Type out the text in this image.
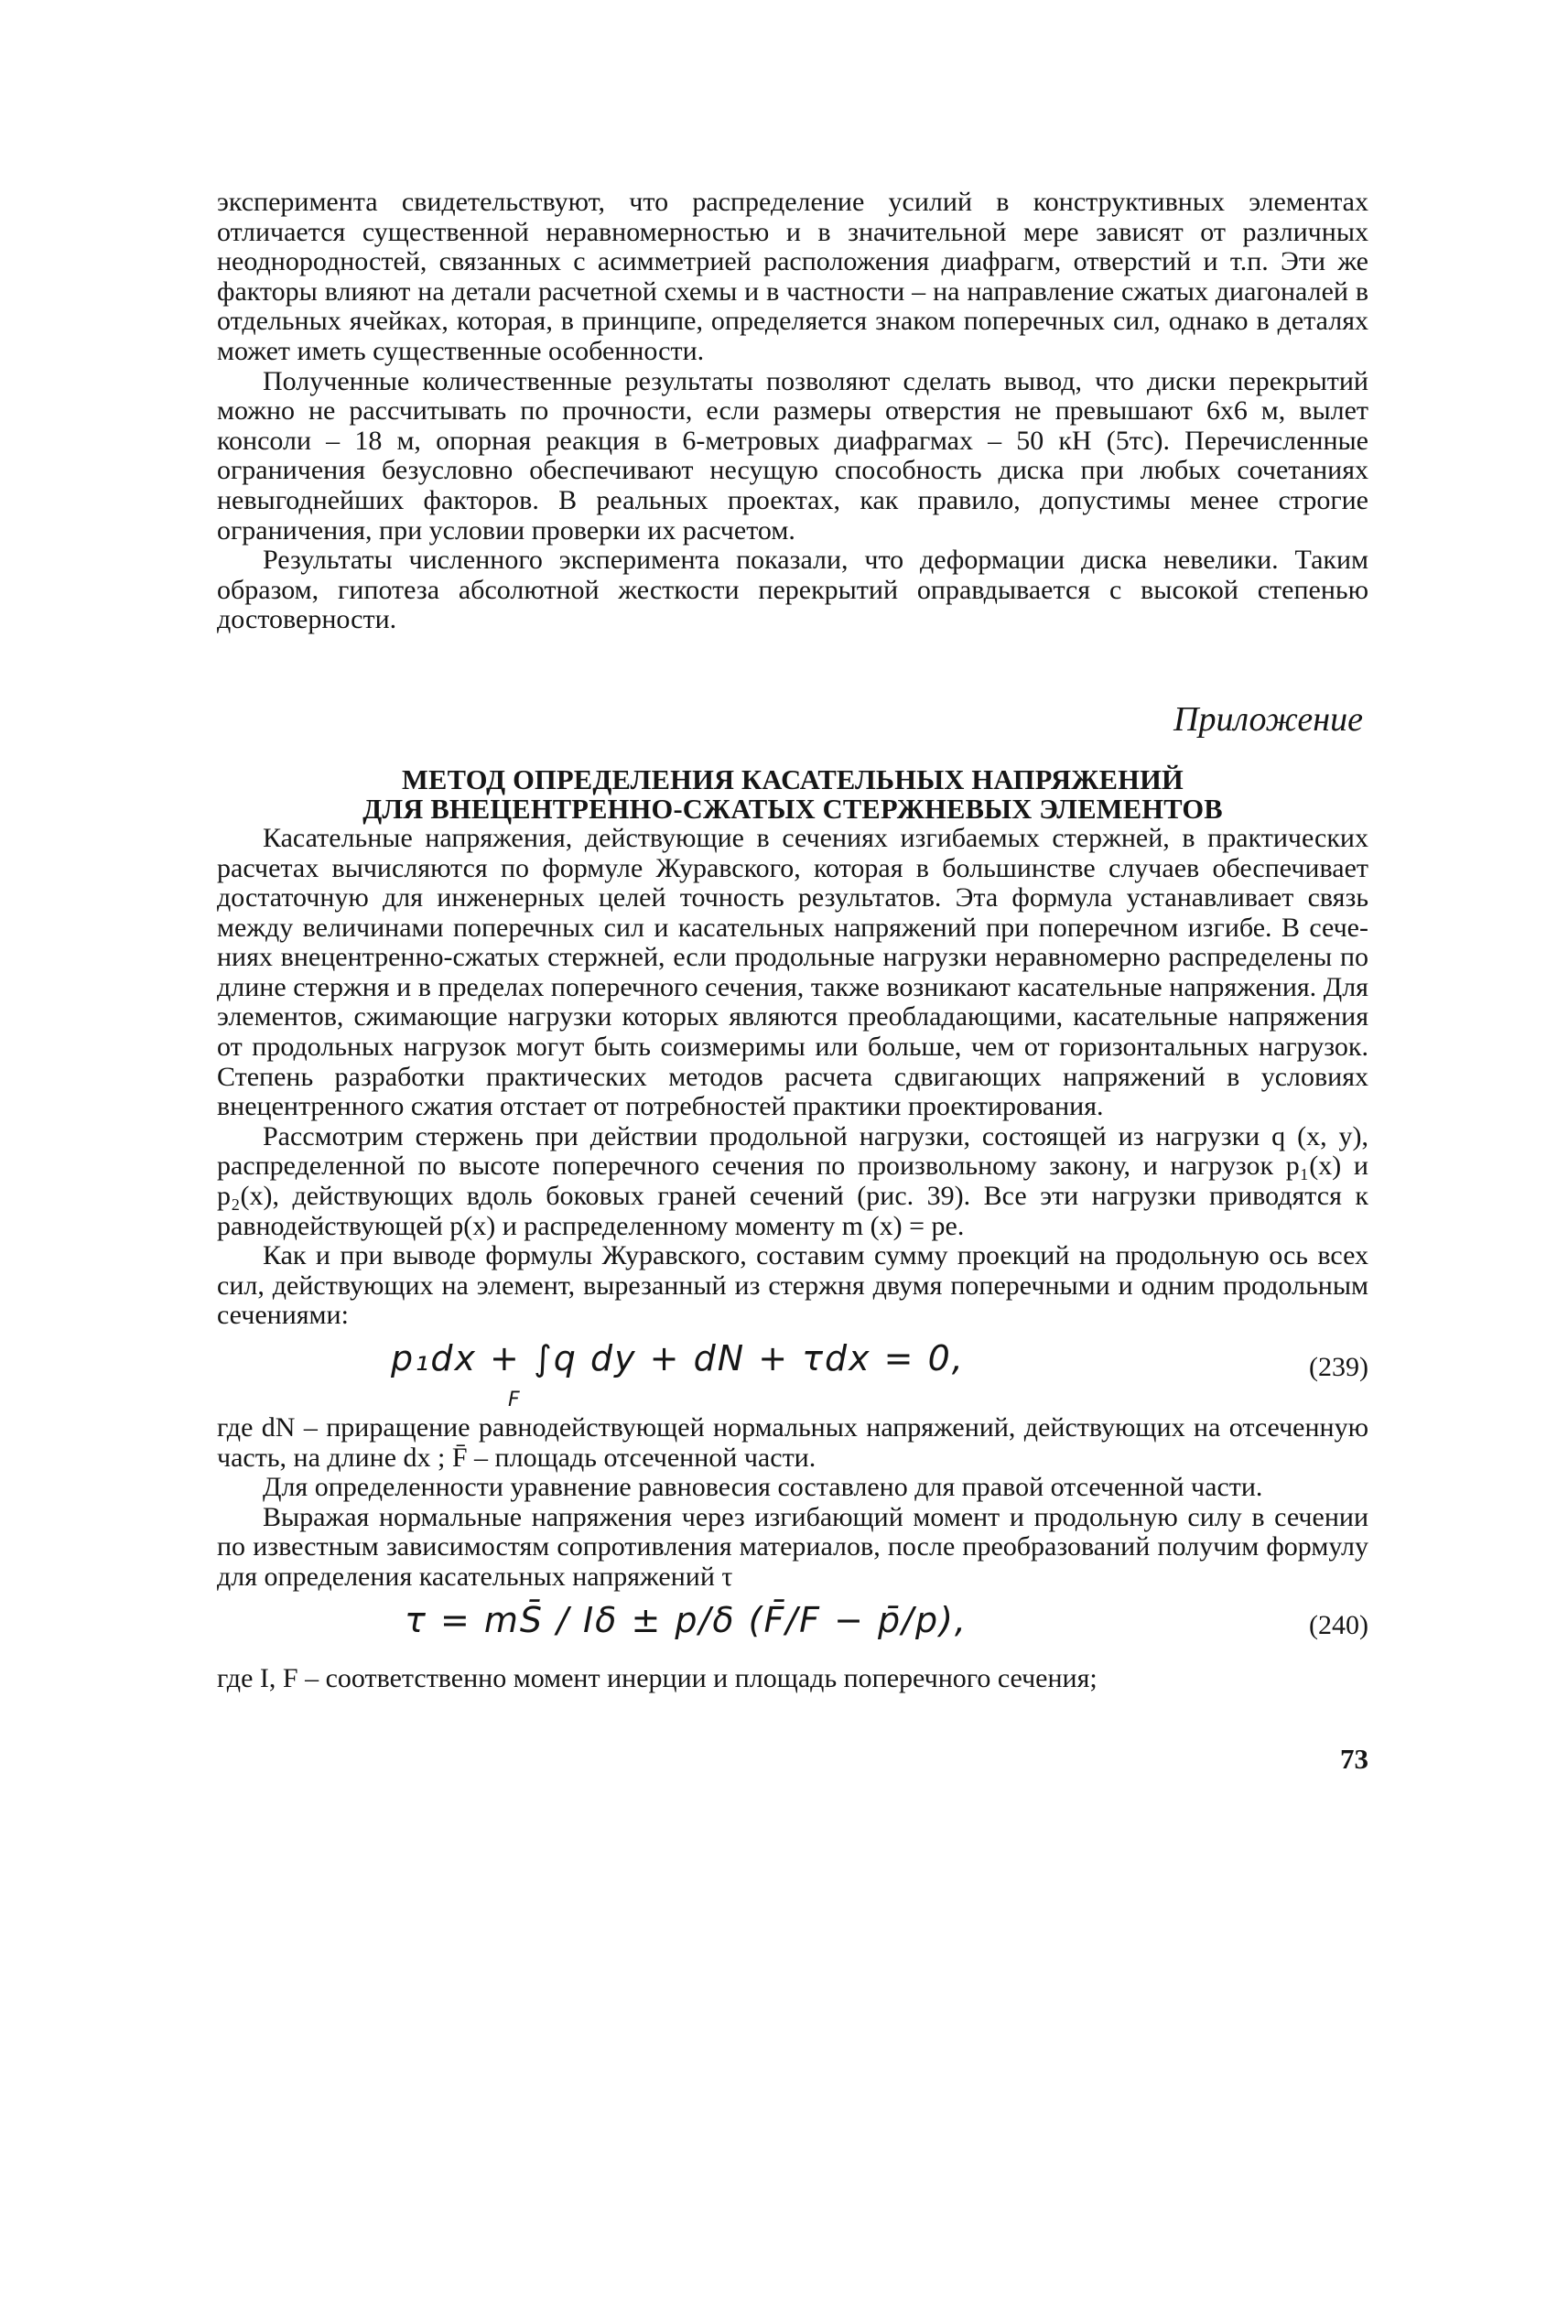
эксперимента свидетельствуют, что распределение усилий в конструктивных элементах отличается существенной неравномерностью и в значительной мере зависят от различных неоднородностей, связанных с асимметрией расположения диафрагм, отверстий и т.п. Эти же факторы влияют на детали расчетной схемы и в частности – на направление сжатых диагоналей в отдельных ячейках, которая, в принципе, определяется знаком поперечных сил, однако в деталях может иметь существенные особенности.

Полученные количественные результаты позволяют сделать вывод, что диски перекрытий можно не рассчитывать по прочности, если размеры отверстия не превышают 6х6 м, вылет консоли – 18 м, опорная реакция в 6-метровых диафрагмах – 50 кН (5тс). Перечисленные ограничения безусловно обеспечивают несущую способность диска при любых сочетаниях невыгоднейших факторов. В реальных проектах, как правило, допустимы менее строгие ограничения, при условии проверки их расчетом.

Результаты численного эксперимента показали, что деформации диска невелики. Таким образом, гипотеза абсолютной жесткости перекрытий оправдывается с высокой степенью достоверности.

Приложение
МЕТОД ОПРЕДЕЛЕНИЯ КАСАТЕЛЬНЫХ НАПРЯЖЕНИЙ
ДЛЯ ВНЕЦЕНТРЕННО-СЖАТЫХ СТЕРЖНЕВЫХ ЭЛЕМЕНТОВ

Касательные напряжения, действующие в сечениях изгибаемых стержней, в практических расчетах вычисляются по формуле Журавского, которая в большинстве случаев обеспечивает достаточную для инженерных целей точность результатов. Эта формула устанавливает связь между величинами поперечных сил и касательных напряжений при поперечном изгибе. В сечениях внецентренно-сжатых стержней, если продольные нагрузки неравномерно распределены по длине стержня и в пределах поперечного сечения, также возникают касательные напряжения. Для элементов, сжимающие нагрузки которых являются преобладающими, касательные напряжения от продольных нагрузок могут быть соизмеримы или больше, чем от горизонтальных нагрузок. Степень разработки практических методов расчета сдвигающих напряжений в условиях внецентренного сжатия отстает от потребностей практики проектирования.

Рассмотрим стержень при действии продольной нагрузки, состоящей из нагрузки q (x, y), распределенной по высоте поперечного сечения по произвольному закону, и нагрузок p₁(x) и p₂(x), действующих вдоль боковых граней сечений (рис. 39). Все эти нагрузки приводятся к равнодействующей p(x) и распределенному моменту m (x) = pe.

Как и при выводе формулы Журавского, составим сумму проекций на продольную ось всех сил, действующих на элемент, вырезанный из стержня двумя поперечными и одним продольным сечениями:

p₁dx + ∫q dy + dN + τdx = 0,
F
(239)

где dN – приращение равнодействующей нормальных напряжений, действующих на отсеченную часть, на длине dx ; F̄ – площадь отсеченной части.

Для определенности уравнение равновесия составлено для правой отсеченной части.

Выражая нормальные напряжения через изгибающий момент и продольную силу в сечении по известным зависимостям сопротивления материалов, после преобразований получим формулу для определения касательных напряжений τ

τ = mS̄ / Iδ ± p/δ (F̄/F − p̄/p),	(240)

где I, F – соответственно момент инерции и площадь поперечного сечения;

73
